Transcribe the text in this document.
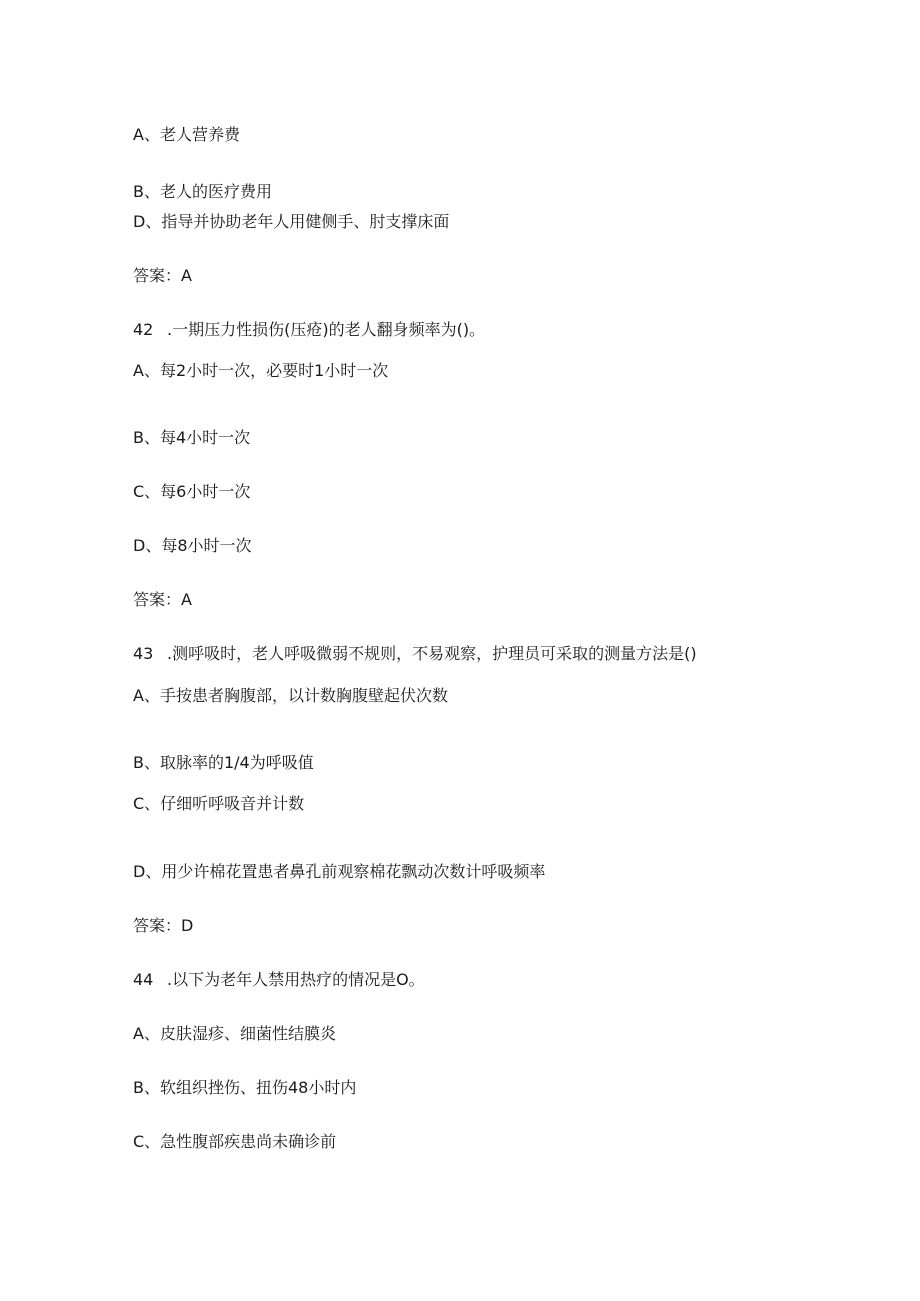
A、老人营养费

B、老人的医疗费用

D、指导并协助老年人用健侧手、肘支撑床面

答案：A

42 .一期压力性损伤(压疮)的老人翻身频率为()。

A、每2小时一次，必要时1小时一次

B、每4小时一次

C、每6小时一次

D、每8小时一次

答案：A

43 .测呼吸时，老人呼吸微弱不规则，不易观察，护理员可采取的测量方法是()

A、手按患者胸腹部，以计数胸腹壁起伏次数

B、取脉率的1/4为呼吸值

C、仔细听呼吸音并计数

D、用少许棉花置患者鼻孔前观察棉花飘动次数计呼吸频率

答案：D

44 .以下为老年人禁用热疗的情况是O。

A、皮肤湿疹、细菌性结膜炎

B、软组织挫伤、扭伤48小时内

C、急性腹部疾患尚未确诊前
